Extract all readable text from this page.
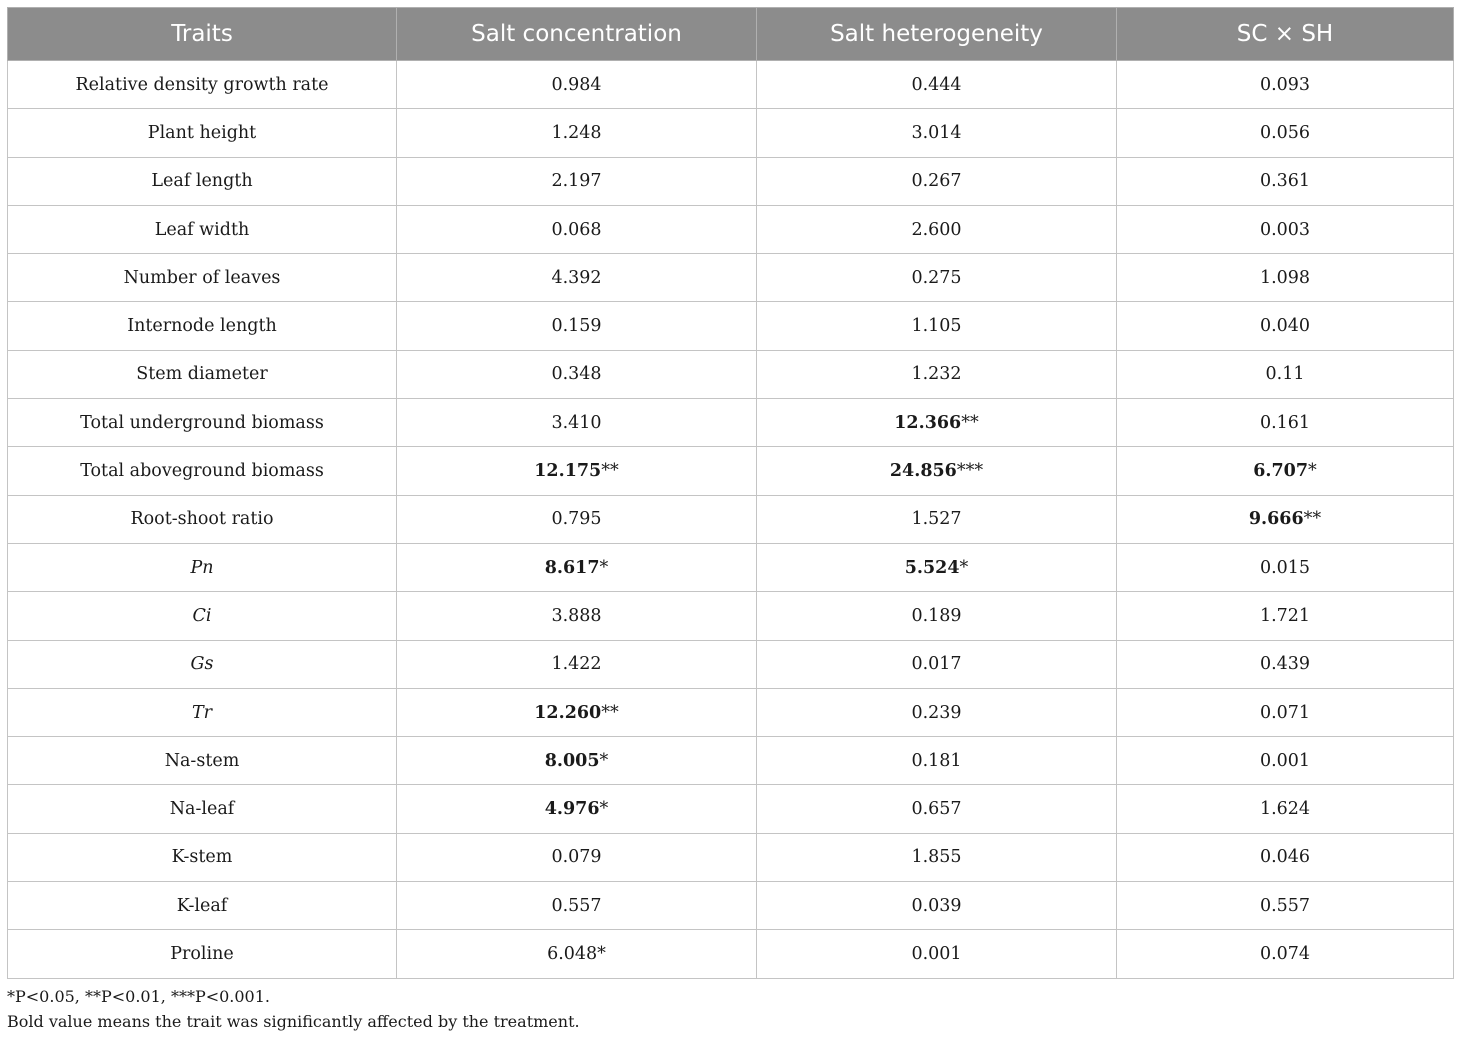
Traits	Salt concentration	Salt heterogeneity	SC × SH
Relative density growth rate	0.984	0.444	0.093
Plant height	1.248	3.014	0.056
Leaf length	2.197	0.267	0.361
Leaf width	0.068	2.600	0.003
Number of leaves	4.392	0.275	1.098
Internode length	0.159	1.105	0.040
Stem diameter	0.348	1.232	0.11
Total underground biomass	3.410	12.366**	0.161
Total aboveground biomass	12.175**	24.856***	6.707*
Root-shoot ratio	0.795	1.527	9.666**
Pn	8.617*	5.524*	0.015
Ci	3.888	0.189	1.721
Gs	1.422	0.017	0.439
Tr	12.260**	0.239	0.071
Na-stem	8.005*	0.181	0.001
Na-leaf	4.976*	0.657	1.624
K-stem	0.079	1.855	0.046
K-leaf	0.557	0.039	0.557
Proline	6.048*	0.001	0.074
*P<0.05, **P<0.01, ***P<0.001.
Bold value means the trait was significantly affected by the treatment.
